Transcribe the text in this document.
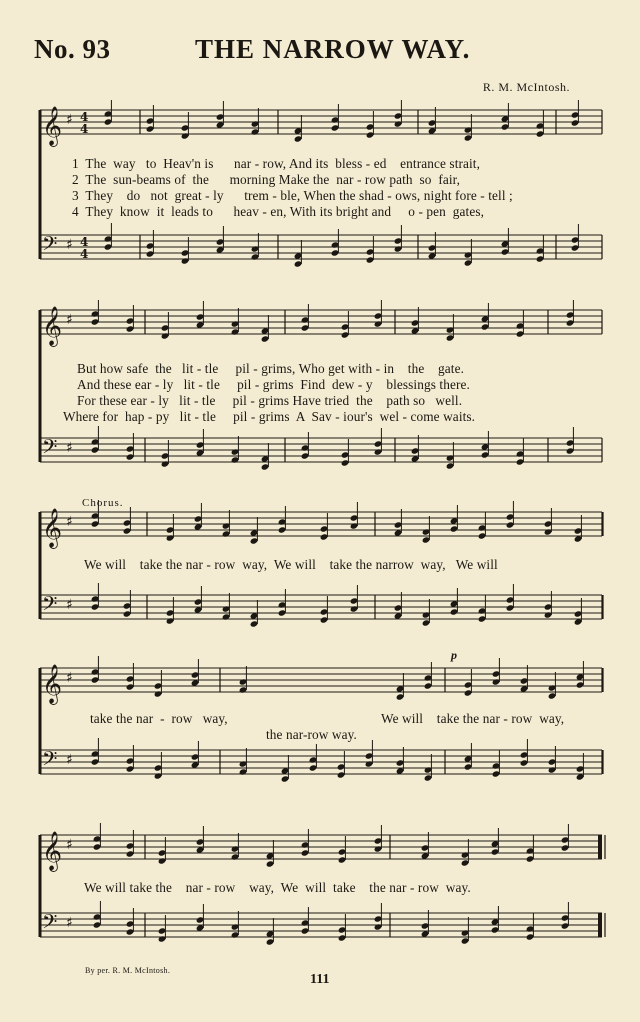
No. 93	THE NARROW WAY.
R. M. McIntosh.
♯ 4
4
♯ 4
4
𝄞
𝄢
1  The  way   to  Heav'n is      nar - row, And its  bless - ed    entrance strait,
2  The  sun-beams of  the      morning Make the  nar - row path  so  fair,
3  They    do   not  great - ly      trem - ble, When the shad - ows, night fore - tell ;
4  They  know  it  leads to      heav - en, With its bright and     o - pen  gates,
♯
♯
𝄞
𝄢
But how safe  the   lit - tle     pil - grims, Who get with - in    the    gate.
And these ear - ly   lit - tle     pil - grims  Find  dew - y    blessings there.
For these ear - ly   lit - tle     pil - grims Have tried  the    path so   well.
Where for  hap - py   lit - tle     pil - grims  A  Sav - iour's  wel - come waits.
Chorus.
♯
♯
𝄞
𝄢
We will    take the nar - row  way,  We will    take the narrow  way,   We will
p
♯
♯
𝄞
𝄢
take the nar  -  row   way,	We will    take the nar - row  way,
the nar-row way.
♯
♯
𝄞
𝄢
We will take the    nar - row    way,  We  will  take    the nar - row  way.
By per. R. M. McIntosh.
111
